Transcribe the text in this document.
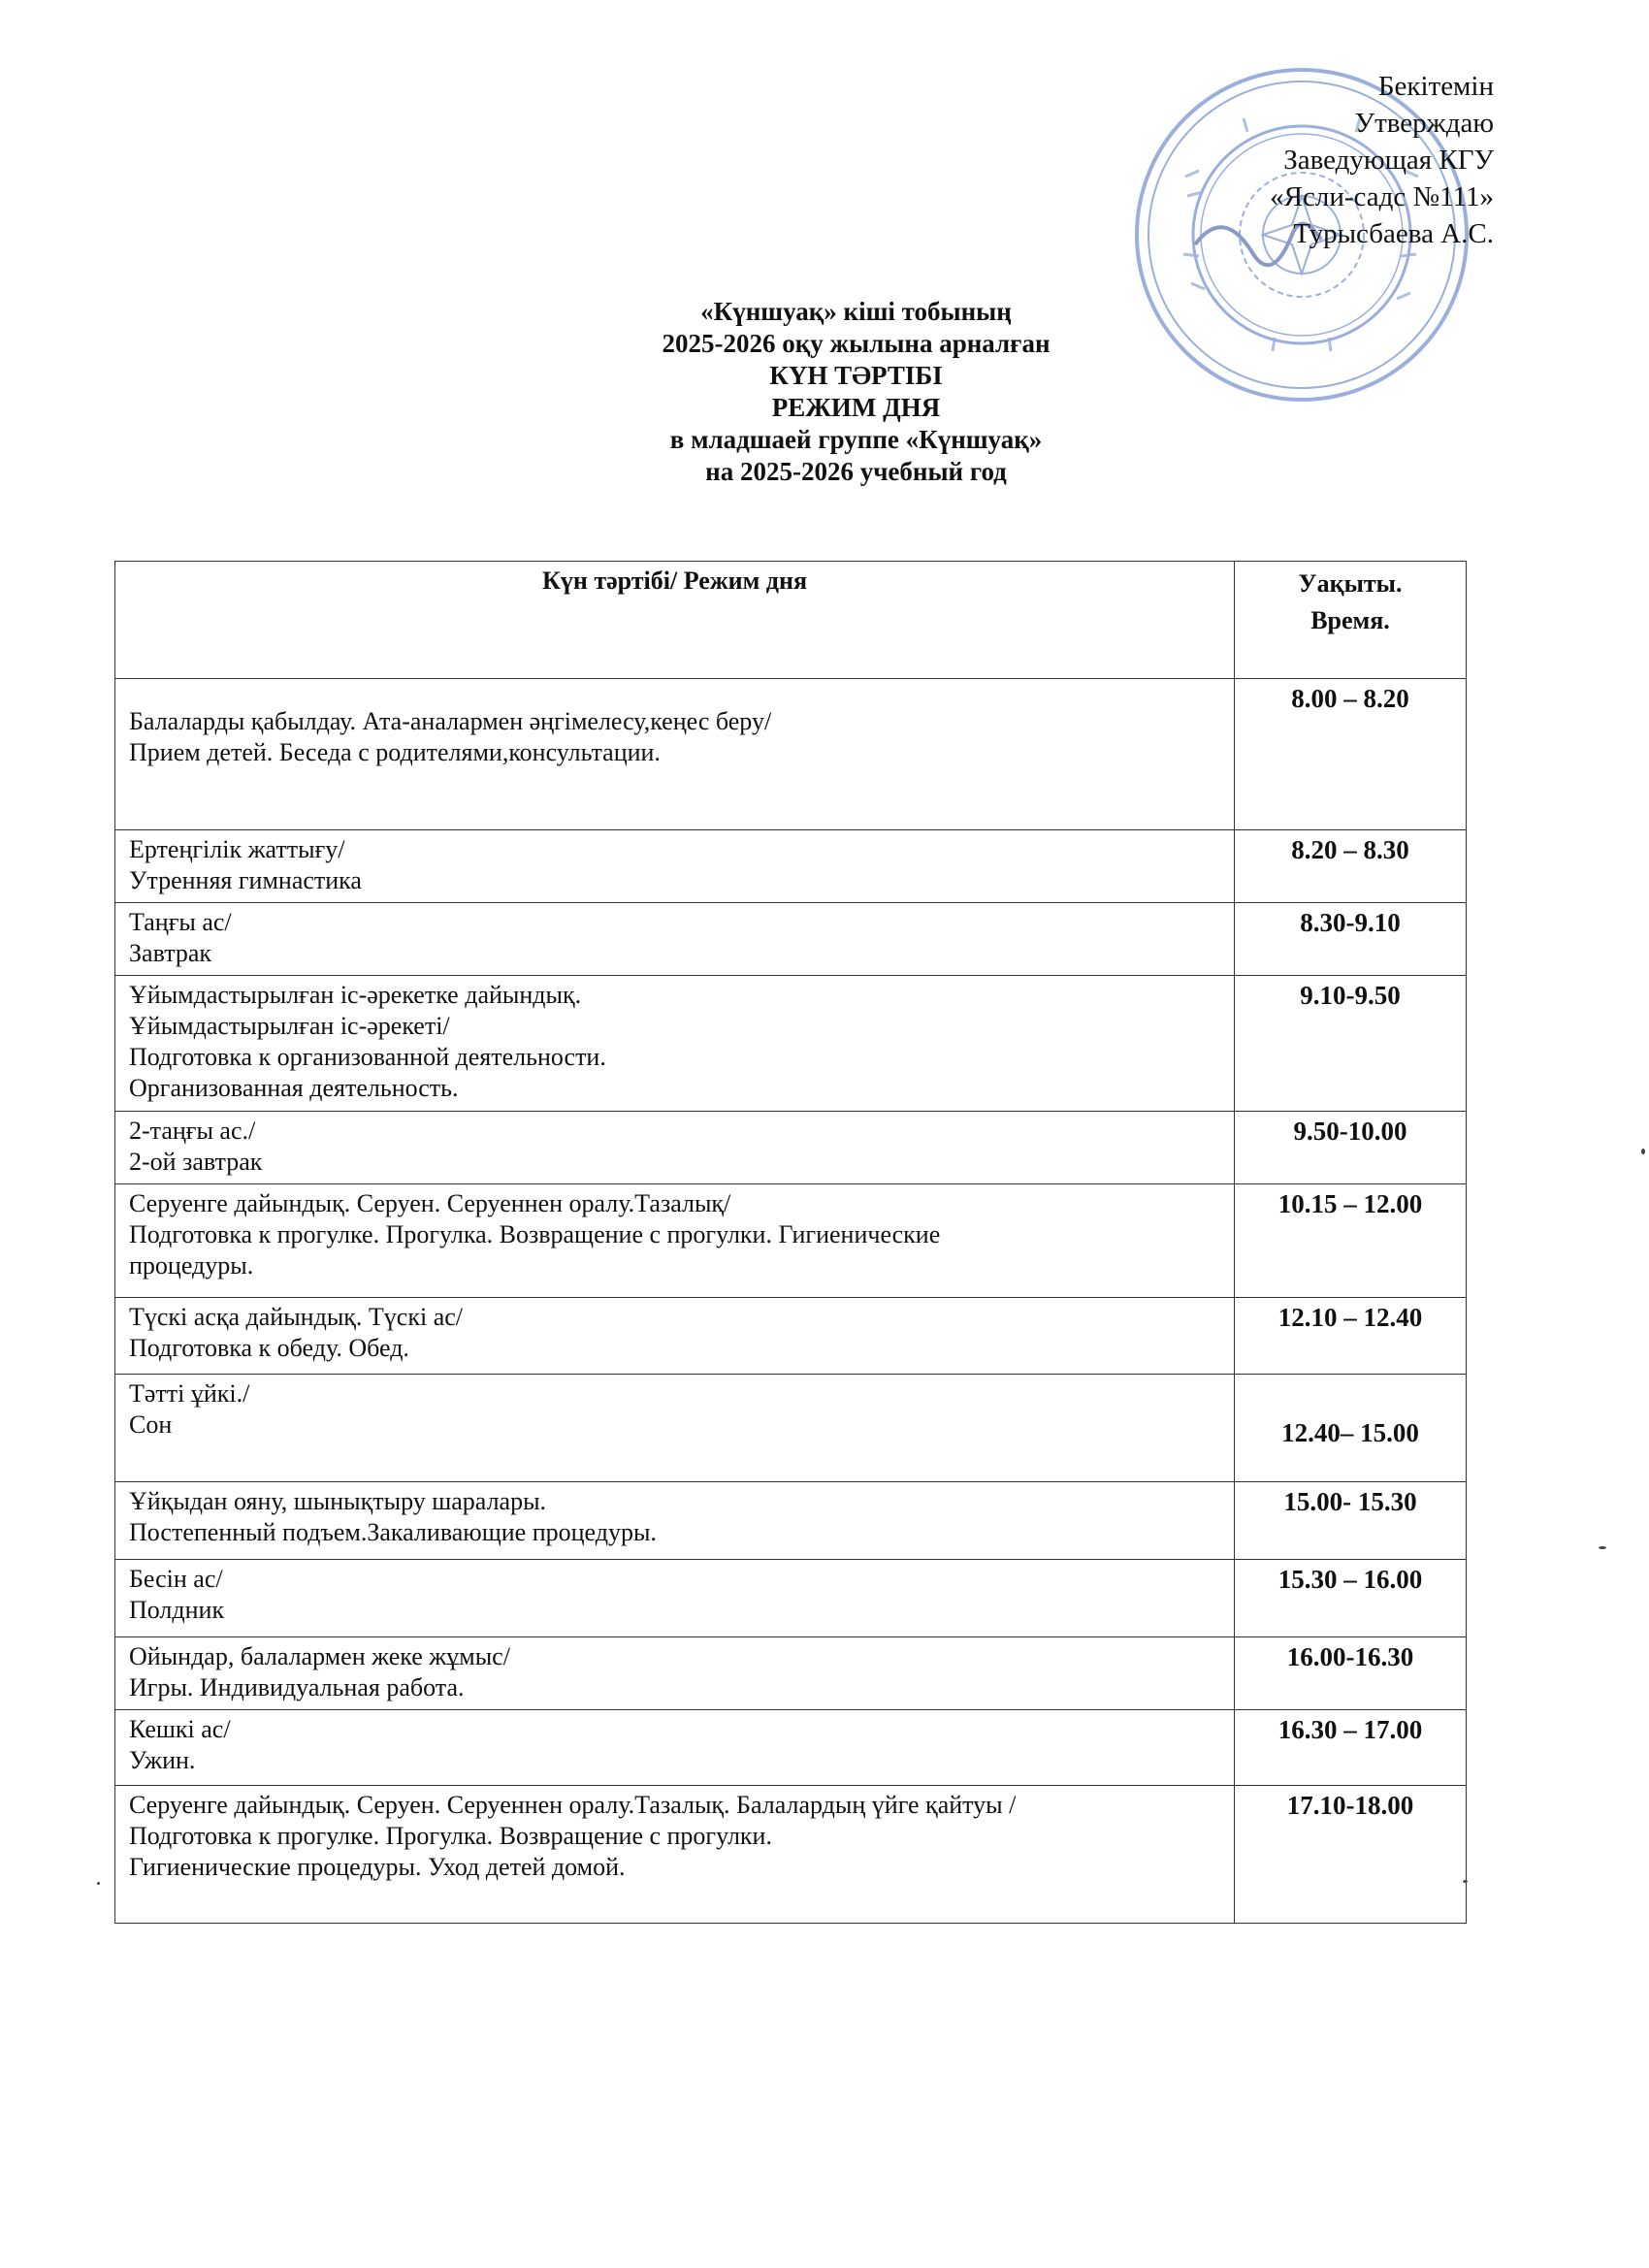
Бекітемін
Утверждаю
Заведующая КГУ
«Ясли-садс №111»
Турысбаева А.С.
«Күншуақ» кіші тобының
2025-2026 оқу жылына арналған
КҮН ТӘРТІБІ
РЕЖИМ ДНЯ
в младшаей группе «Күншуақ»
на 2025-2026 учебный год
Күн тәртібі/ Режим дня	Уақыты.
Время.

Балаларды қабылдау. Ата-аналармен әңгімелесу,кеңес беру/
Прием детей. Беседа с родителями,консультации.	8.00 – 8.20

Ертеңгілік жаттығу/
Утренняя гимнастика	8.20 – 8.30

Таңғы ас/
Завтрак	8.30-9.10

Ұйымдастырылған іс-әрекетке дайындық.
Ұйымдастырылған іс-әрекеті/
Подготовка к организованной деятельности.
Организованная деятельность.	9.10-9.50

2-таңғы ас./
2-ой завтрак	9.50-10.00

Серуенге дайындық. Серуен. Серуеннен оралу.Тазалық/
Подготовка к прогулке. Прогулка. Возвращение с прогулки. Гигиенические
процедуры.	10.15 – 12.00

Түскі асқа дайындық. Түскі ас/
Подготовка к обеду. Обед.	12.10 – 12.40

Тәтті ұйкі./
Сон	12.40– 15.00

Ұйқыдан ояну, шынықтыру шаралары.
Постепенный подъем.Закаливающие процедуры.	15.00- 15.30

Бесін ас/
Полдник	15.30 – 16.00

Ойындар, балалармен жеке жұмыс/
Игры. Индивидуальная работа.	16.00-16.30

Кешкі ас/
Ужин.	16.30 – 17.00

Серуенге дайындық. Серуен. Серуеннен оралу.Тазалық. Балалардың үйге қайтуы /
Подготовка к прогулке. Прогулка. Возвращение с прогулки.
Гигиенические процедуры. Уход детей домой.	17.10-18.00
